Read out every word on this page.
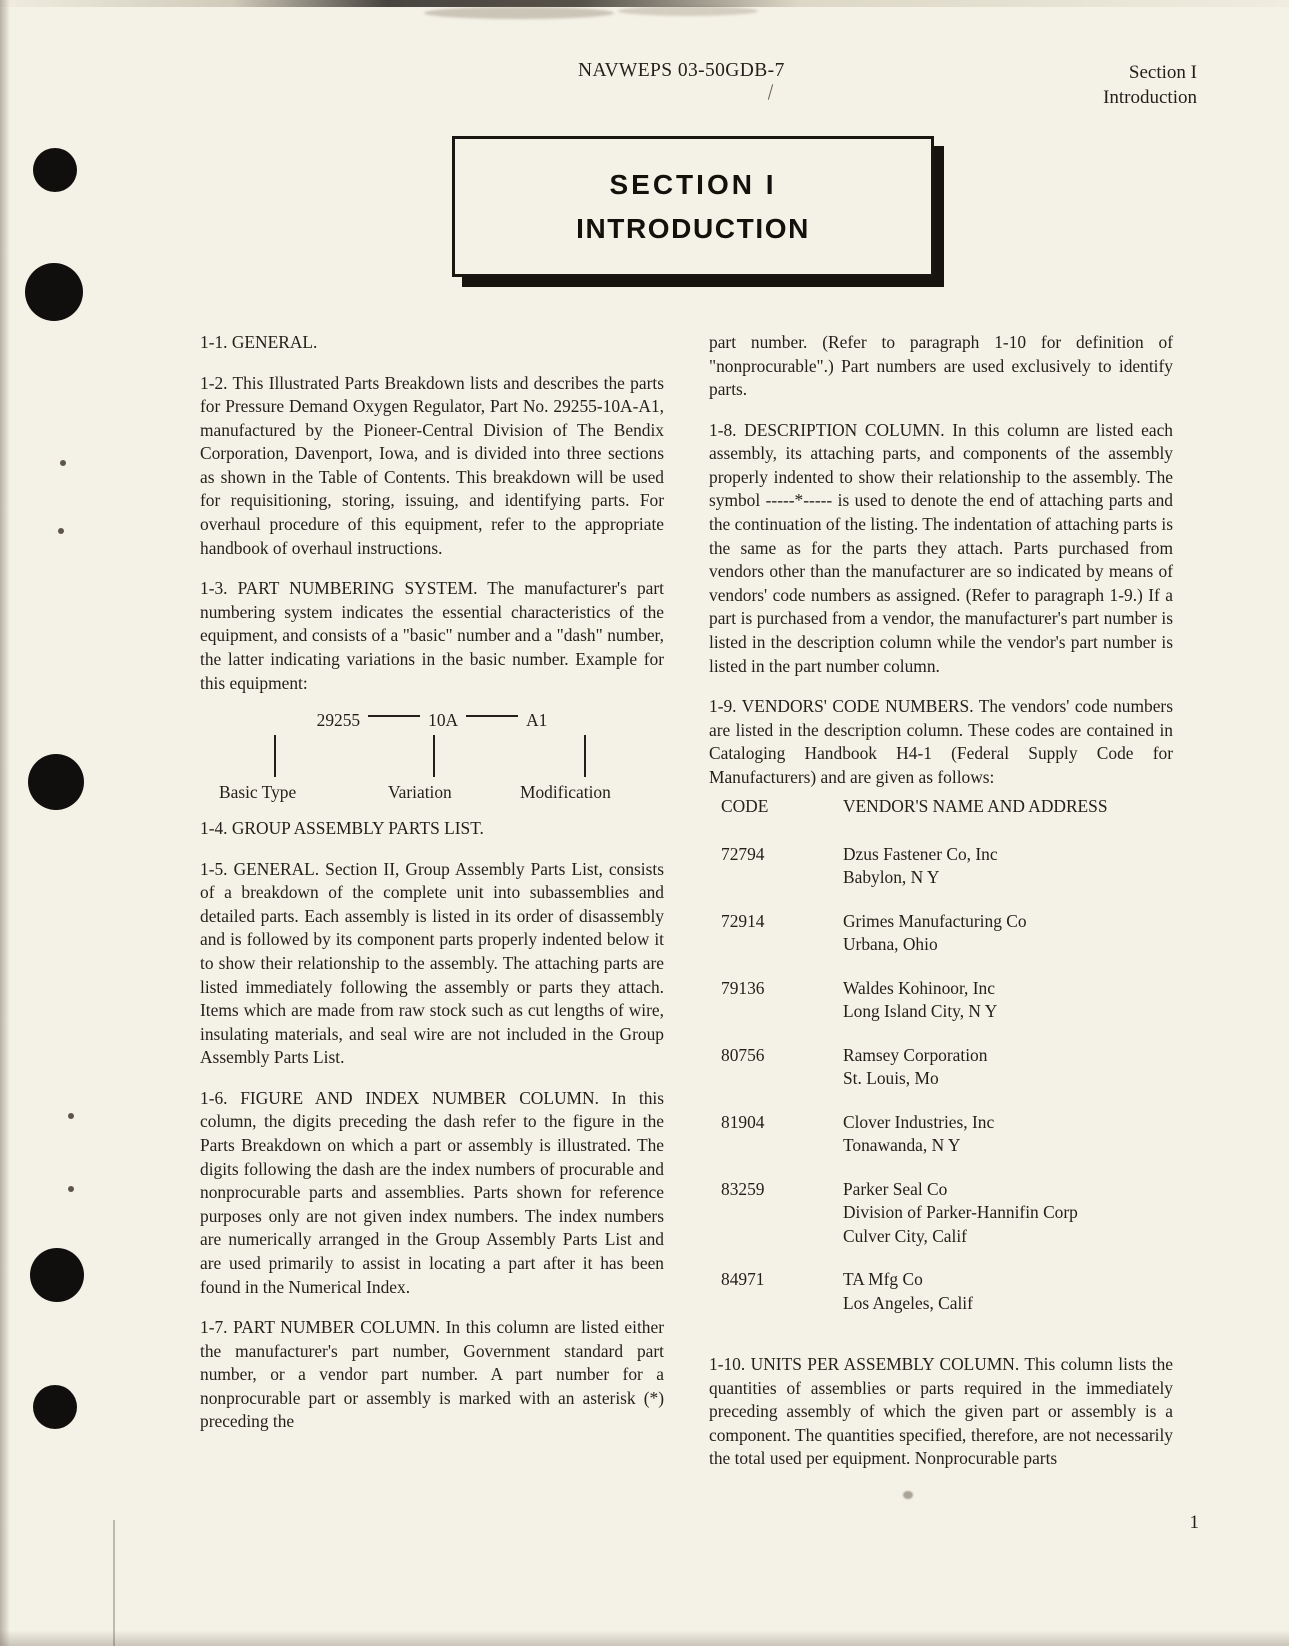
NAVWEPS 03-50GDB-7	Section I
Introduction
SECTION I
INTRODUCTION

1-1. GENERAL.

1-2. This Illustrated Parts Breakdown lists and describes the parts for Pressure Demand Oxygen Regulator, Part No. 29255-10A-A1, manufactured by the Pioneer-Central Division of The Bendix Corporation, Davenport, Iowa, and is divided into three sections as shown in the Table of Contents. This breakdown will be used for requisitioning, storing, issuing, and identifying parts. For overhaul procedure of this equipment, refer to the appropriate handbook of overhaul instructions.

1-3. PART NUMBERING SYSTEM. The manufacturer's part numbering system indicates the essential characteristics of the equipment, and consists of a "basic" number and a "dash" number, the latter indicating variations in the basic number. Example for this equipment:

29255	10A	A1
Basic Type	Variation	Modification

1-4. GROUP ASSEMBLY PARTS LIST.

1-5. GENERAL. Section II, Group Assembly Parts List, consists of a breakdown of the complete unit into subassemblies and detailed parts. Each assembly is listed in its order of disassembly and is followed by its component parts properly indented below it to show their relationship to the assembly. The attaching parts are listed immediately following the assembly or parts they attach. Items which are made from raw stock such as cut lengths of wire, insulating materials, and seal wire are not included in the Group Assembly Parts List.

1-6. FIGURE AND INDEX NUMBER COLUMN. In this column, the digits preceding the dash refer to the figure in the Parts Breakdown on which a part or assembly is illustrated. The digits following the dash are the index numbers of procurable and nonprocurable parts and assemblies. Parts shown for reference purposes only are not given index numbers. The index numbers are numerically arranged in the Group Assembly Parts List and are used primarily to assist in locating a part after it has been found in the Numerical Index.

1-7. PART NUMBER COLUMN. In this column are listed either the manufacturer's part number, Government standard part number, or a vendor part number. A part number for a nonprocurable part or assembly is marked with an asterisk (*) preceding the

part number. (Refer to paragraph 1-10 for definition of "nonprocurable".) Part numbers are used exclusively to identify parts.

1-8. DESCRIPTION COLUMN. In this column are listed each assembly, its attaching parts, and components of the assembly properly indented to show their relationship to the assembly. The symbol -----*----- is used to denote the end of attaching parts and the continuation of the listing. The indentation of attaching parts is the same as for the parts they attach. Parts purchased from vendors other than the manufacturer are so indicated by means of vendors' code numbers as assigned. (Refer to paragraph 1-9.) If a part is purchased from a vendor, the manufacturer's part number is listed in the description column while the vendor's part number is listed in the part number column.

1-9. VENDORS' CODE NUMBERS. The vendors' code numbers are listed in the description column. These codes are contained in Cataloging Handbook H4-1 (Federal Supply Code for Manufacturers) and are given as follows:

CODE	VENDOR'S NAME AND ADDRESS
72794	Dzus Fastener Co, Inc
Babylon, N Y

72914	Grimes Manufacturing Co
Urbana, Ohio

79136	Waldes Kohinoor, Inc
Long Island City, N Y

80756	Ramsey Corporation
St. Louis, Mo

81904	Clover Industries, Inc
Tonawanda, N Y

83259	Parker Seal Co
Division of Parker-Hannifin Corp
Culver City, Calif

84971	TA Mfg Co
Los Angeles, Calif

1-10. UNITS PER ASSEMBLY COLUMN. This column lists the quantities of assemblies or parts required in the immediately preceding assembly of which the given part or assembly is a component. The quantities specified, therefore, are not necessarily the total used per equipment. Nonprocurable parts

1
